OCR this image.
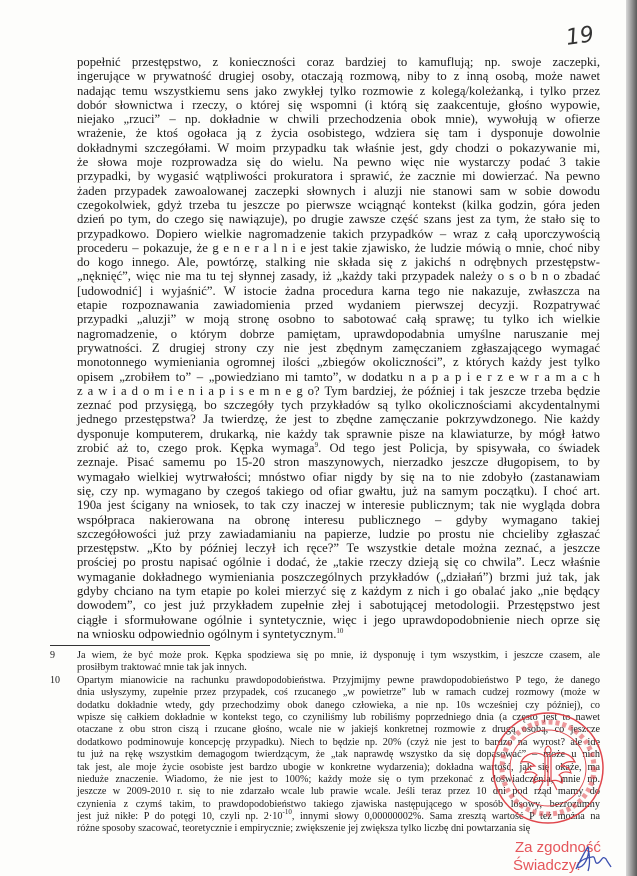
19
popełnić przestępstwo, z konieczności coraz bardziej to kamuflują; np. swoje zaczepki,
ingerujące w prywatność drugiej osoby, otaczają rozmową, niby to z inną osobą, może nawet
nadając temu wszystkiemu sens jako zwykłej tylko rozmowie z kolegą/koleżanką, i tylko przez
dobór słownictwa i rzeczy, o której się wspomni (i którą się zaakcentuje, głośno wypowie,
niejako „rzuci” – np. dokładnie w chwili przechodzenia obok mnie), wywołują w ofierze
wrażenie, że ktoś ogołaca ją z życia osobistego, wdziera się tam i dysponuje dowolnie
dokładnymi szczegółami. W moim przypadku tak właśnie jest, gdy chodzi o pokazywanie mi,
że słowa moje rozprowadza się do wielu. Na pewno więc nie wystarczy podać 3 takie
przypadki, by wygasić wątpliwości prokuratora i sprawić, że zacznie mi dowierzać. Na pewno
żaden przypadek zawoalowanej zaczepki słownych i aluzji nie stanowi sam w sobie dowodu
czegokolwiek, gdyż trzeba tu jeszcze po pierwsze wciągnąć kontekst (kilka godzin, góra jeden
dzień po tym, do czego się nawiązuje), po drugie zawsze część szans jest za tym, że stało się to
przypadkowo. Dopiero wielkie nagromadzenie takich przypadków – wraz z całą uporczywością
procederu – pokazuje, że g e n e r a l n i e jest takie zjawisko, że ludzie mówią o mnie, choć niby
do kogo innego. Ale, powtórzę, stalking nie składa się z jakichś n odrębnych przestępstw-
„nęknięć”, więc nie ma tu tej słynnej zasady, iż „każdy taki przypadek należy o s o b n o zbadać
[udowodnić] i wyjaśnić”. W istocie żadna procedura karna tego nie nakazuje, zwłaszcza na
etapie rozpoznawania zawiadomienia przed wydaniem pierwszej decyzji. Rozpatrywać
przypadki „aluzji” w moją stronę osobno to sabotować całą sprawę; tu tylko ich wielkie
nagromadzenie, o którym dobrze pamiętam, uprawdopodabnia umyślne naruszanie mej
prywatności. Z drugiej strony czy nie jest zbędnym zamęczaniem zgłaszającego wymagać
monotonnego wymieniania ogromnej ilości „zbiegów okoliczności”, z których każdy jest tylko
opisem „zrobiłem to” – „powiedziano mi tamto”, w dodatku n a p a p i e r z e w r a m a c h
z a w i a d o m i e n i a p i s e m n e g o? Tym bardziej, że później i tak jeszcze trzeba będzie
zeznać pod przysięgą, bo szczegóły tych przykładów są tylko okolicznościami akcydentalnymi
jednego przestępstwa? Ja twierdzę, że jest to zbędne zamęczanie pokrzywdzonego. Nie każdy
dysponuje komputerem, drukarką, nie każdy tak sprawnie pisze na klawiaturze, by mógł łatwo
zrobić aż to, czego prok. Kępka wymaga$^9$. Od tego jest Policja, by spisywała, co świadek
zeznaje. Pisać samemu po 15-20 stron maszynowych, nierzadko jeszcze długopisem, to by
wymagało wielkiej wytrwałości; mnóstwo ofiar nigdy by się na to nie zdobyło (zastanawiam
się, czy np. wymagano by czegoś takiego od ofiar gwałtu, już na samym początku). I choć art.
190a jest ścigany na wniosek, to tak czy inaczej w interesie publicznym; tak nie wygląda dobra
współpraca nakierowana na obronę interesu publicznego – gdyby wymagano takiej
szczegółowości już przy zawiadamianiu na papierze, ludzie po prostu nie chcieliby zgłaszać
przestępstw. „Kto by później leczył ich ręce?” Te wszystkie detale można zeznać, a jeszcze
prościej po prostu napisać ogólnie i dodać, że „takie rzeczy dzieją się co chwila”. Lecz właśnie
wymaganie dokładnego wymieniania poszczególnych przykładów („działań”) brzmi już tak, jak
gdyby chciano na tym etapie po kolei mierzyć się z każdym z nich i go obalać jako „nie będący
dowodem”, co jest już przykładem zupełnie złej i sabotującej metodologii. Przestępstwo jest
ciągłe i sformułowane ogólnie i syntetycznie, więc i jego uprawdopodobnienie niech oprze się
na wniosku odpowiednio ogólnym i syntetycznym.$^{10}$
9 Ja wiem, że być może prok. Kępka spodziewa się po mnie, iż dysponuję i tym wszystkim, i jeszcze czasem, ale
prosiłbym traktować mnie tak jak innych.
10 Opartym mianowicie na rachunku prawdopodobieństwa. Przyjmijmy pewne prawdopodobieństwo P tego, że danego
dnia usłyszymy, zupełnie przez przypadek, coś rzucanego „w powietrze” lub w ramach cudzej rozmowy (może w
dodatku dokładnie wtedy, gdy przechodzimy obok danego człowieka, a nie np. 10s wcześniej czy później), co
wpisze się całkiem dokładnie w kontekst tego, co czyniliśmy lub robiliśmy poprzedniego dnia (a często jest to nawet
otaczane z obu stron ciszą i rzucane głośno, wcale nie w jakiejś konkretnej rozmowie z drugą osobą, co jeszcze
dodatkowo podminowuje koncepcję przypadku). Niech to będzie np. 20% (czyż nie jest to bardzo na wyrost? ale idę
tu już na rękę wszystkim demagogom twierdzącym, że „tak naprawdę wszystko da się dopasować” – może u nich
tak jest, ale moje życie osobiste jest bardzo ubogie w konkretne wydarzenia); dokładna wartość, jak się okaże, ma
nieduże znaczenie. Wiadomo, że nie jest to 100%; każdy może się o tym przekonać z doświadczenia, mnie np.
jeszcze w 2009-2010 r. się to nie zdarzało wcale lub prawie wcale. Jeśli teraz przez 10 dni pod rząd mamy do
czynienia z czymś takim, to prawdopodobieństwo takiego zjawiska następującego w sposób losowy, bezrozumny
jest już nikłe: P do potęgi 10, czyli np. $2\cdot 10^{-10}$, innymi słowy 0,00000002%. Sama zresztą wartość P też można na
różne sposoby szacować, teoretycznie i empirycznie; zwiększenie jej zwiększa tylko liczbę dni powtarzania się
Za zgodność
Świadczy:
